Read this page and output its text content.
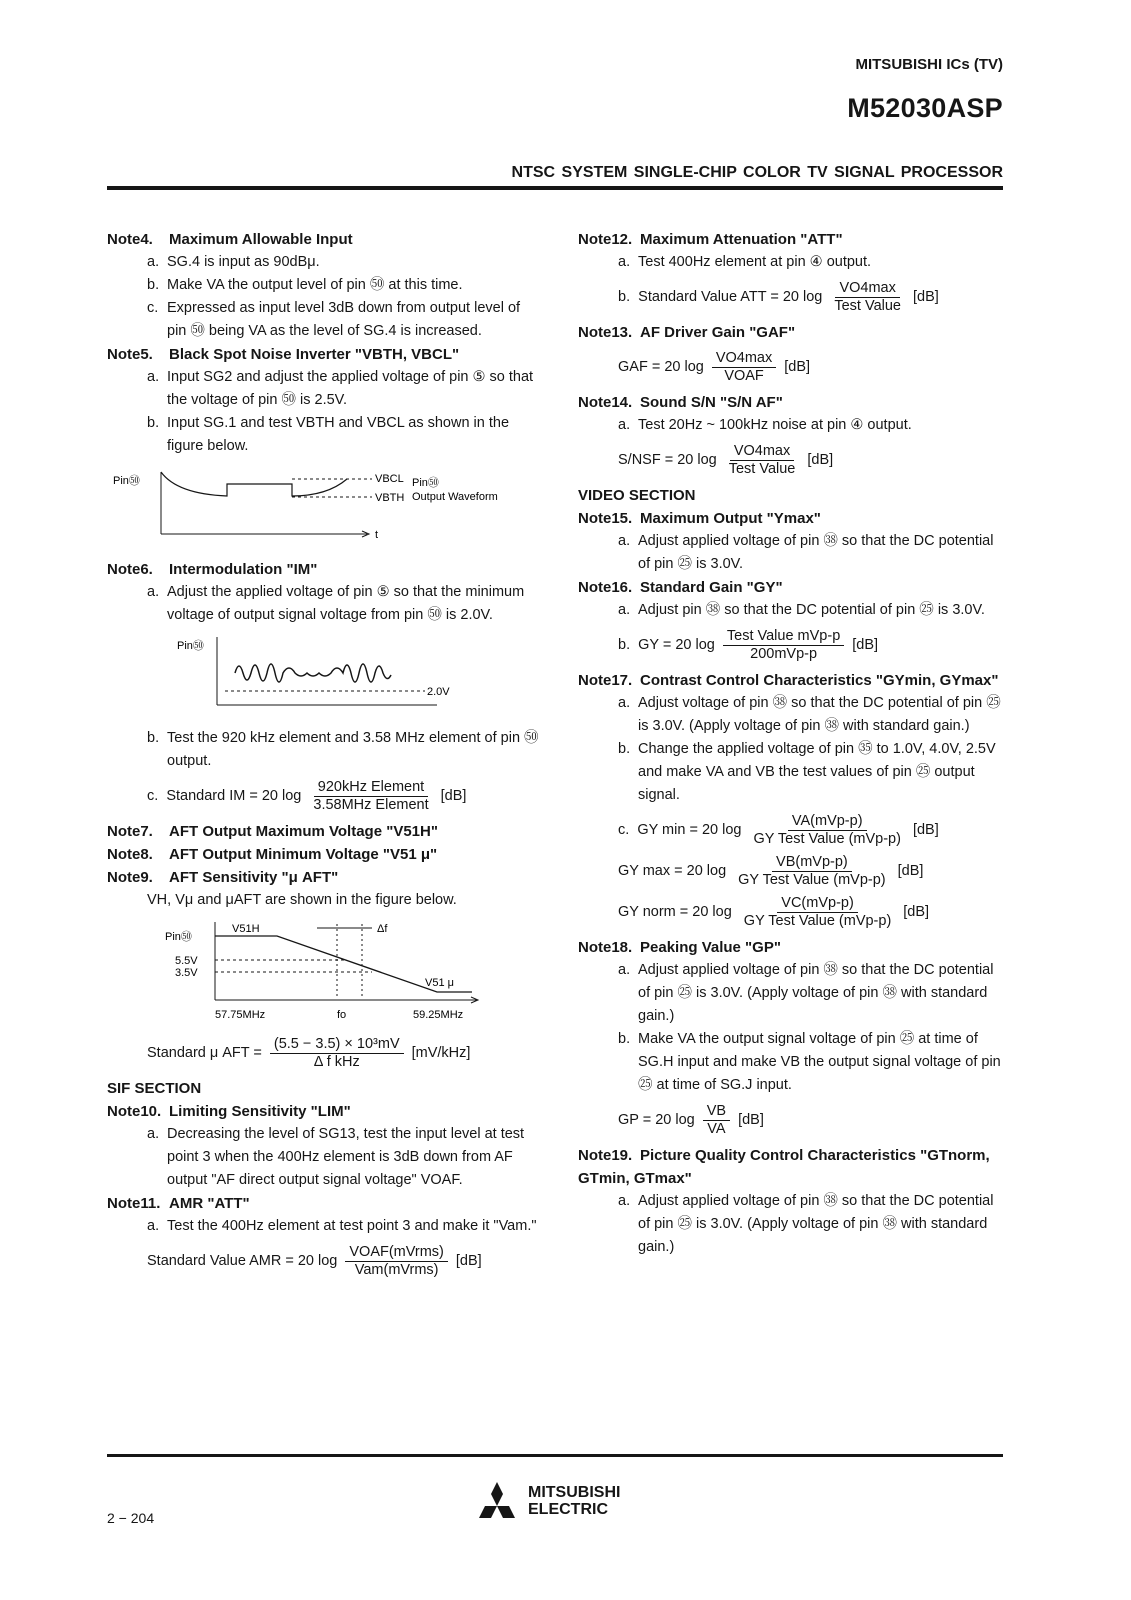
MITSUBISHI ICs (TV)
M52030ASP
NTSC SYSTEM SINGLE-CHIP COLOR TV SIGNAL PROCESSOR
Note4. Maximum Allowable Input
a. SG.4 is input as 90dBμ.
b. Make VA the output level of pin ㊿ at this time.
c. Expressed as input level 3dB down from output level of pin ㊿ being VA as the level of SG.4 is increased.
Note5. Black Spot Noise Inverter "VBTH, VBCL"
a. Input SG2 and adjust the applied voltage of pin ⑤ so that the voltage of pin ㊿ is 2.5V.
b. Input SG.1 and test VBTH and VBCL as shown in the figure below.
Pin㊿	VBCL Pin㊿
VBTH Output Waveform
t
Note6. Intermodulation "IM"
a. Adjust the applied voltage of pin ⑤ so that the minimum voltage of output signal voltage from pin ㊿ is 2.0V.
Pin㊿
2.0V
b. Test the 920 kHz element and 3.58 MHz element of pin ㊿ output.
c. Standard IM = 20 $\log \frac{\text{920kHz Element}}{\text{3.58MHz Element}} [dB]$
Note7. AFT Output Maximum Voltage "V51H"
Note8. AFT Output Minimum Voltage "V51 μ"
Note9. AFT Sensitivity "μ AFT"
VH, Vμ and μAFT are shown in the figure below.
Pin㊿
V51H	Δf
5.5V
3.5V
V51 μ
57.75MHz	fo	59.25MHz
Standard μ AFT = $\frac{\text{(5.5 − 3.5) × 10³mV}}{\text{Δ f kHz}} [mV/kHz]$
SIF SECTION
Note10. Limiting Sensitivity "LIM"
a. Decreasing the level of SG13, test the input level at test point 3 when the 400Hz element is 3dB down from AF output "AF direct output signal voltage" VOAF.
Note11. AMR "ATT"
a. Test the 400Hz element at test point 3 and make it "Vam."
Standard Value AMR = 20 $\log \frac{\text{VOAF(mVrms)}}{\text{Vam(mVrms)}} [dB]$
Note12. Maximum Attenuation "ATT"
a. Test 400Hz element at pin ④ output.
b. Standard Value ATT = 20 $\log \frac{VO4\max}{\text{Test Value}} [dB]$
Note13. AF Driver Gain "GAF"
GAF = 20 $\log \frac{VO4\max}{\text{VOAF}} [dB]$
Note14. Sound S/N "S/N AF"
a. Test 20Hz ~ 100kHz noise at pin ④ output.
S/NSF = 20 $\log \frac{VO4\max}{\text{Test Value}} [dB]$
VIDEO SECTION
Note15. Maximum Output "Ymax"
a. Adjust applied voltage of pin ㊳ so that the DC potential of pin ㉕ is 3.0V.
Note16. Standard Gain "GY"
a. Adjust pin ㊳ so that the DC potential of pin ㉕ is 3.0V.
b. GY = 20 $\log \frac{\text{Test Value mVp-p}}{\text{200mVp-p}} [dB]$
Note17. Contrast Control Characteristics "GYmin, GYmax"
a. Adjust voltage of pin ㊳ so that the DC potential of pin ㉕ is 3.0V. (Apply voltage of pin ㊳ with standard gain.)
b. Change the applied voltage of pin ㉟ to 1.0V, 4.0V, 2.5V and make VA and VB the test values of pin ㉕ output signal.
c. GY min = 20 $\log \frac{\text{VA(mVp-p)}}{\text{GY Test Value (mVp-p)}} [dB]$
GY max = 20 $\log \frac{\text{VB(mVp-p)}}{\text{GY Test Value (mVp-p)}} [dB]$
GY norm = 20 $\log \frac{\text{VC(mVp-p)}}{\text{GY Test Value (mVp-p)}} [dB]$
Note18. Peaking Value "GP"
a. Adjust applied voltage of pin ㊳ so that the DC potential of pin ㉕ is 3.0V. (Apply voltage of pin ㊳ with standard gain.)
b. Make VA the output signal voltage of pin ㉕ at time of SG.H input and make VB the output signal voltage of pin ㉕ at time of SG.J input.
GP = 20 $\log \frac{VB}{VA} [dB]$
Note19. Picture Quality Control Characteristics "GTnorm, GTmin, GTmax"
a. Adjust applied voltage of pin ㊳ so that the DC potential of pin ㉕ is 3.0V. (Apply voltage of pin ㊳ with standard gain.)
2 − 204
MITSUBISHI
ELECTRIC
